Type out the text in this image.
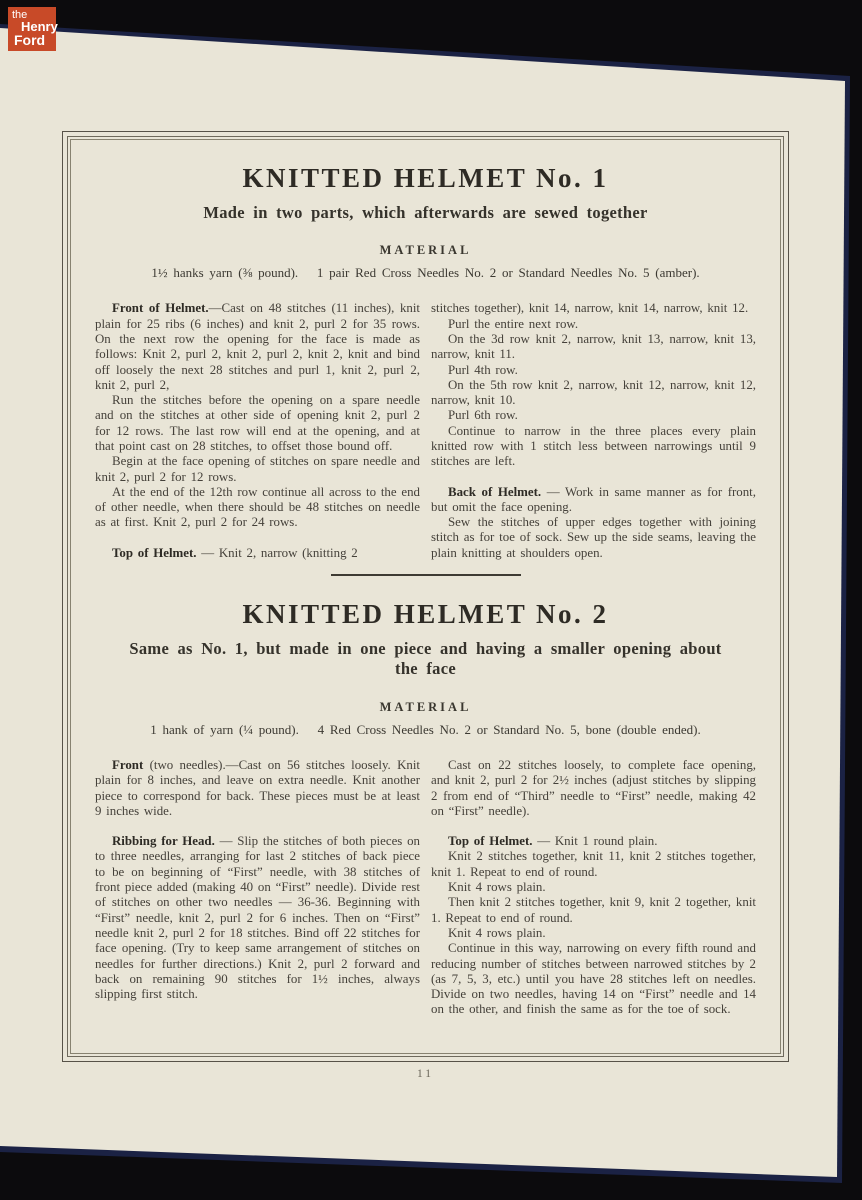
the
Henry
Ford
KNITTED HELMET No. 1
Made in two parts, which afterwards are sewed together
MATERIAL

1½ hanks yarn (⅜ pound).  1 pair Red Cross Needles No. 2 or Standard Needles No. 5 (amber).

Front of Helmet.—Cast on 48 stitches (11 inches), knit plain for 25 ribs (6 inches) and knit 2, purl 2 for 35 rows. On the next row the opening for the face is made as follows: Knit 2, purl 2, knit 2, purl 2, knit 2, knit and bind off loosely the next 28 stitches and purl 1, knit 2, purl 2, knit 2, purl 2,

Run the stitches before the opening on a spare needle and on the stitches at other side of opening knit 2, purl 2 for 12 rows. The last row will end at the opening, and at that point cast on 28 stitches, to offset those bound off.

Begin at the face opening of stitches on spare needle and knit 2, purl 2 for 12 rows.

At the end of the 12th row continue all across to the end of other needle, when there should be 48 stitches on needle as at first. Knit 2, purl 2 for 24 rows.

Top of Helmet. — Knit 2, narrow (knitting 2

stitches together), knit 14, narrow, knit 14, narrow, knit 12.

Purl the entire next row.

On the 3d row knit 2, narrow, knit 13, narrow, knit 13, narrow, knit 11.

Purl 4th row.

On the 5th row knit 2, narrow, knit 12, narrow, knit 12, narrow, knit 10.

Purl 6th row.

Continue to narrow in the three places every plain knitted row with 1 stitch less between narrowings until 9 stitches are left.

Back of Helmet. — Work in same manner as for front, but omit the face opening.

Sew the stitches of upper edges together with joining stitch as for toe of sock. Sew up the side seams, leaving the plain knitting at shoulders open.

KNITTED HELMET No. 2
Same as No. 1, but made in one piece and having a smaller opening about the face
MATERIAL

1 hank of yarn (¼ pound).  4 Red Cross Needles No. 2 or Standard No. 5, bone (double ended).

Front (two needles).—Cast on 56 stitches loosely. Knit plain for 8 inches, and leave on extra needle. Knit another piece to correspond for back. These pieces must be at least 9 inches wide.

Ribbing for Head. — Slip the stitches of both pieces on to three needles, arranging for last 2 stitches of back piece to be on beginning of “First” needle, with 38 stitches of front piece added (making 40 on “First” needle). Divide rest of stitches on other two needles — 36-36. Beginning with “First” needle, knit 2, purl 2 for 6 inches. Then on “First” needle knit 2, purl 2 for 18 stitches. Bind off 22 stitches for face opening. (Try to keep same arrangement of stitches on needles for further directions.) Knit 2, purl 2 forward and back on remaining 90 stitches for 1½ inches, always slipping first stitch.

Cast on 22 stitches loosely, to complete face opening, and knit 2, purl 2 for 2½ inches (adjust stitches by slipping 2 from end of “Third” needle to “First” needle, making 42 on “First” needle).

Top of Helmet. — Knit 1 round plain.

Knit 2 stitches together, knit 11, knit 2 stitches together, knit 1. Repeat to end of round.

Knit 4 rows plain.

Then knit 2 stitches together, knit 9, knit 2 together, knit 1. Repeat to end of round.

Knit 4 rows plain.

Continue in this way, narrowing on every fifth round and reducing number of stitches between narrowed stitches by 2 (as 7, 5, 3, etc.) until you have 28 stitches left on needles. Divide on two needles, having 14 on “First” needle and 14 on the other, and finish the same as for the toe of sock.

11
